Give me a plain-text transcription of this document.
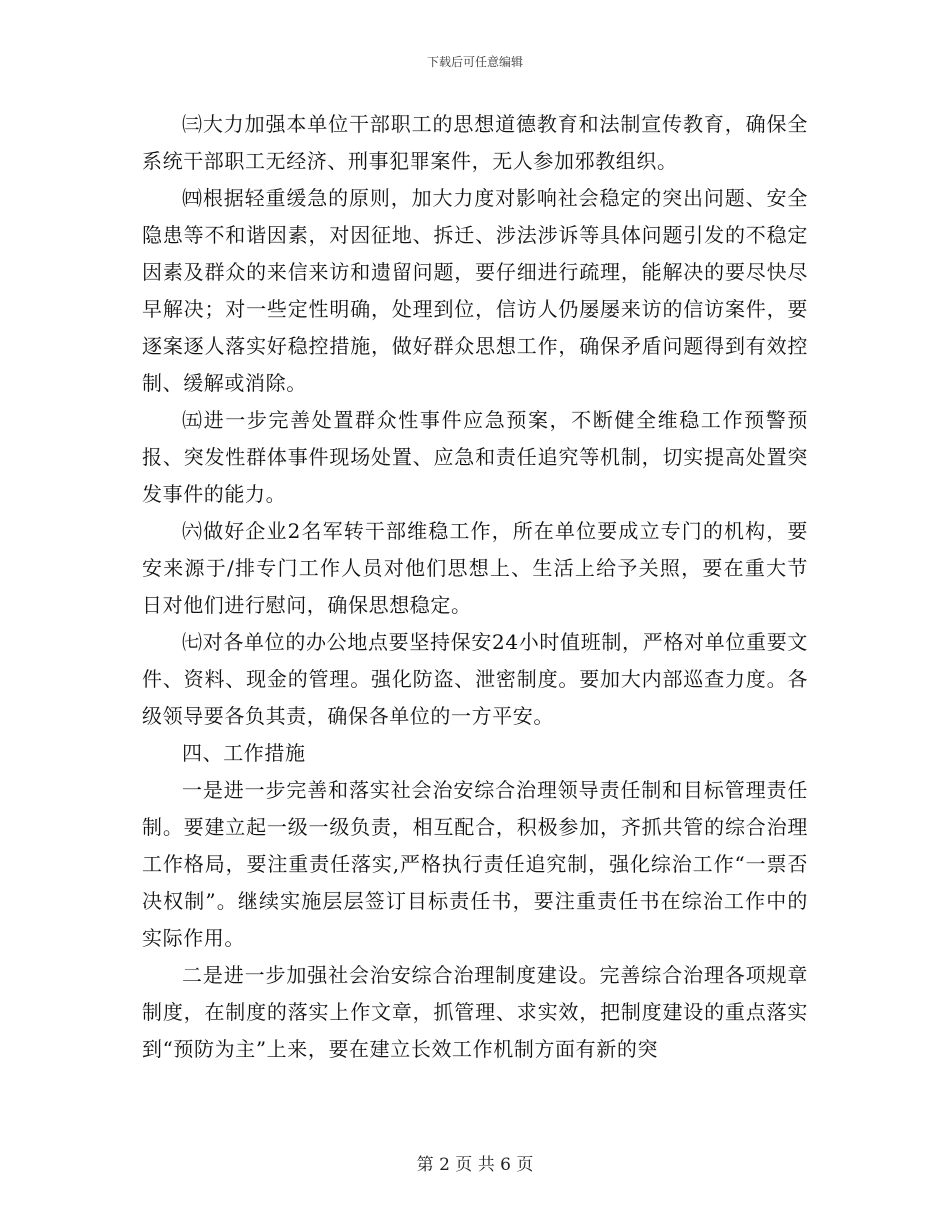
下载后可任意编辑

㈢大力加强本单位干部职工的思想道德教育和法制宣传教育，确保全系统干部职工无经济、刑事犯罪案件，无人参加邪教组织。

㈣根据轻重缓急的原则，加大力度对影响社会稳定的突出问题、安全隐患等不和谐因素，对因征地、拆迁、涉法涉诉等具体问题引发的不稳定因素及群众的来信来访和遗留问题，要仔细进行疏理，能解决的要尽快尽早解决；对一些定性明确，处理到位，信访人仍屡屡来访的信访案件，要逐案逐人落实好稳控措施，做好群众思想工作，确保矛盾问题得到有效控制、缓解或消除。

㈤进一步完善处置群众性事件应急预案，不断健全维稳工作预警预报、突发性群体事件现场处置、应急和责任追究等机制，切实提高处置突发事件的能力。

㈥做好企业2名军转干部维稳工作，所在单位要成立专门的机构，要安来源于/排专门工作人员对他们思想上、生活上给予关照，要在重大节日对他们进行慰问，确保思想稳定。

㈦对各单位的办公地点要坚持保安24小时值班制，严格对单位重要文件、资料、现金的管理。强化防盗、泄密制度。要加大内部巡查力度。各级领导要各负其责，确保各单位的一方平安。

四、工作措施

一是进一步完善和落实社会治安综合治理领导责任制和目标管理责任制。要建立起一级一级负责，相互配合，积极参加，齐抓共管的综合治理工作格局，要注重责任落实,严格执行责任追究制，强化综治工作“一票否决权制”。继续实施层层签订目标责任书，要注重责任书在综治工作中的实际作用。

二是进一步加强社会治安综合治理制度建设。完善综合治理各项规章制度，在制度的落实上作文章，抓管理、求实效，把制度建设的重点落实到“预防为主”上来，要在建立长效工作机制方面有新的突

第 2 页 共 6 页
